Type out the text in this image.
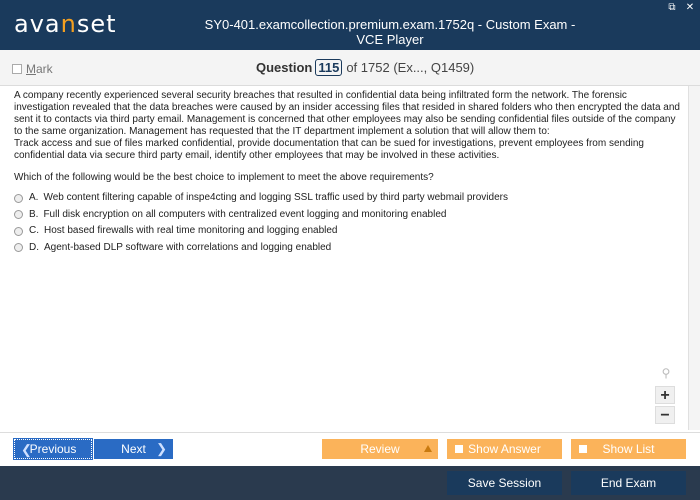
avanset	SY0-401.examcollection.premium.exam.1752q - Custom Exam - VCE Player
⧉ ✕
M ark	Question 115 of 1752 (Ex..., Q1459)
A company recently experienced several security breaches that resulted in confidential data being infiltrated form the network. The forensic investigation revealed that the data breaches were caused by an insider accessing files that resided in shared folders who then encrypted the data and sent it to contacts via third party email. Management is concerned that other employees may also be sending confidential files outside of the company to the same organization. Management has requested that the IT department implement a solution that will allow them to:
Track access and sue of files marked confidential, provide documentation that can be sued for investigations, prevent employees from sending confidential data via secure third party email, identify other employees that may be involved in these activities.
Which of the following would be the best choice to implement to meet the above requirements?
A. Web content filtering capable of inspe4cting and logging SSL traffic used by third party webmail providers
B. Full disk encryption on all computers with centralized event logging and monitoring enabled
C. Host based firewalls with real time monitoring and logging enabled
D. Agent-based DLP software with correlations and logging enabled
⚲
+
−
❮
Previous	Next ❯	Review	Show Answer	Show List
Save Session	End Exam
